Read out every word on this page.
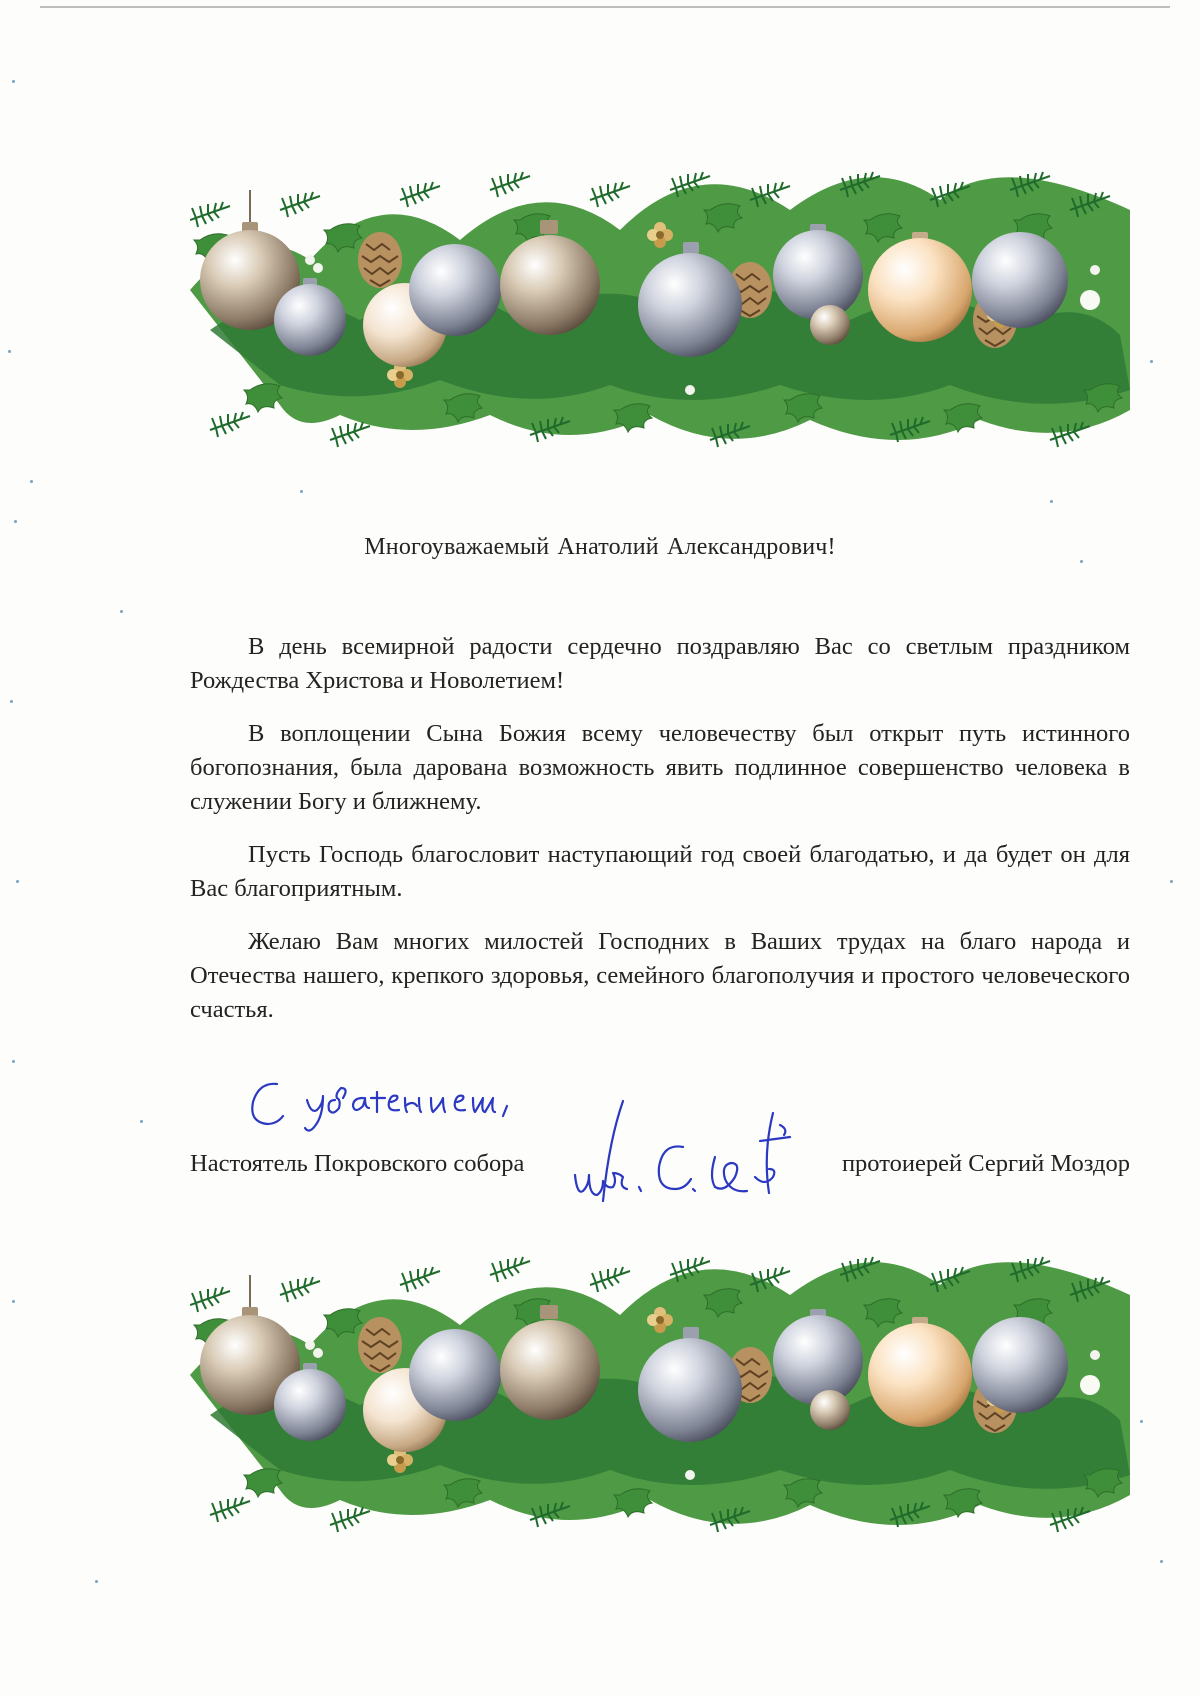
Многоуважаемый Анатолий Александрович!

В день всемирной радости сердечно поздравляю Вас со светлым праздником Рождества Христова и Новолетием!

В воплощении Сына Божия всему человечеству был открыт путь истинного богопознания, была дарована возможность явить подлинное совершенство человека в служении Богу и ближнему.

Пусть Господь благословит наступающий год своей благодатью, и да будет он для Вас благоприятным.

Желаю Вам многих милостей Господних в Ваших трудах на благо народа и Отечества нашего, крепкого здоровья, семейного благополучия и простого человеческого счастья.

Настоятель Покровского собора	протоиерей Сергий Моздор
